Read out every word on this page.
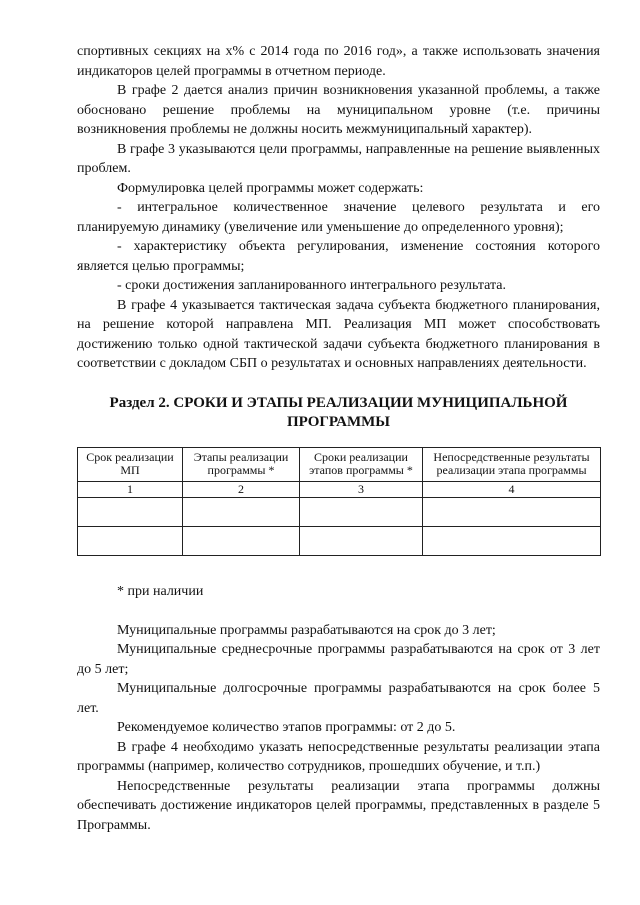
спортивных секциях на х% с 2014 года по 2016 год», а также использовать значения индикаторов целей программы в отчетном периоде.

В графе 2 дается анализ причин возникновения указанной проблемы, а также обосновано решение проблемы на муниципальном уровне (т.е. причины возникновения проблемы не должны носить межмуниципальный характер).

В графе 3 указываются цели программы, направленные на решение выявленных проблем.

Формулировка целей программы может содержать:

- интегральное количественное значение целевого результата и его планируемую динамику (увеличение или уменьшение до определенного уровня);

- характеристику объекта регулирования, изменение состояния которого является целью программы;

- сроки достижения запланированного интегрального результата.

В графе 4 указывается тактическая задача субъекта бюджетного планирования, на решение которой направлена МП. Реализация МП может способствовать достижению только одной тактической задачи субъекта бюджетного планирования в соответствии с докладом СБП о результатах и основных направлениях деятельности.

Раздел 2. СРОКИ И ЭТАПЫ РЕАЛИЗАЦИИ МУНИЦИПАЛЬНОЙ ПРОГРАММЫ
Срок реализации МП	Этапы реализации программы *	Сроки реализации этапов программы *	Непосредственные результаты реализации этапа программы
1	2	3	4

* при наличии

Муниципальные программы разрабатываются на срок до 3 лет;

Муниципальные среднесрочные программы разрабатываются на срок от 3 лет до 5 лет;

Муниципальные долгосрочные программы разрабатываются на срок более 5 лет.

Рекомендуемое количество этапов программы: от 2 до 5.

В графе 4 необходимо указать непосредственные результаты реализации этапа программы (например, количество сотрудников, прошедших обучение, и т.п.)

Непосредственные результаты реализации этапа программы должны обеспечивать достижение индикаторов целей программы, представленных в разделе 5 Программы.
